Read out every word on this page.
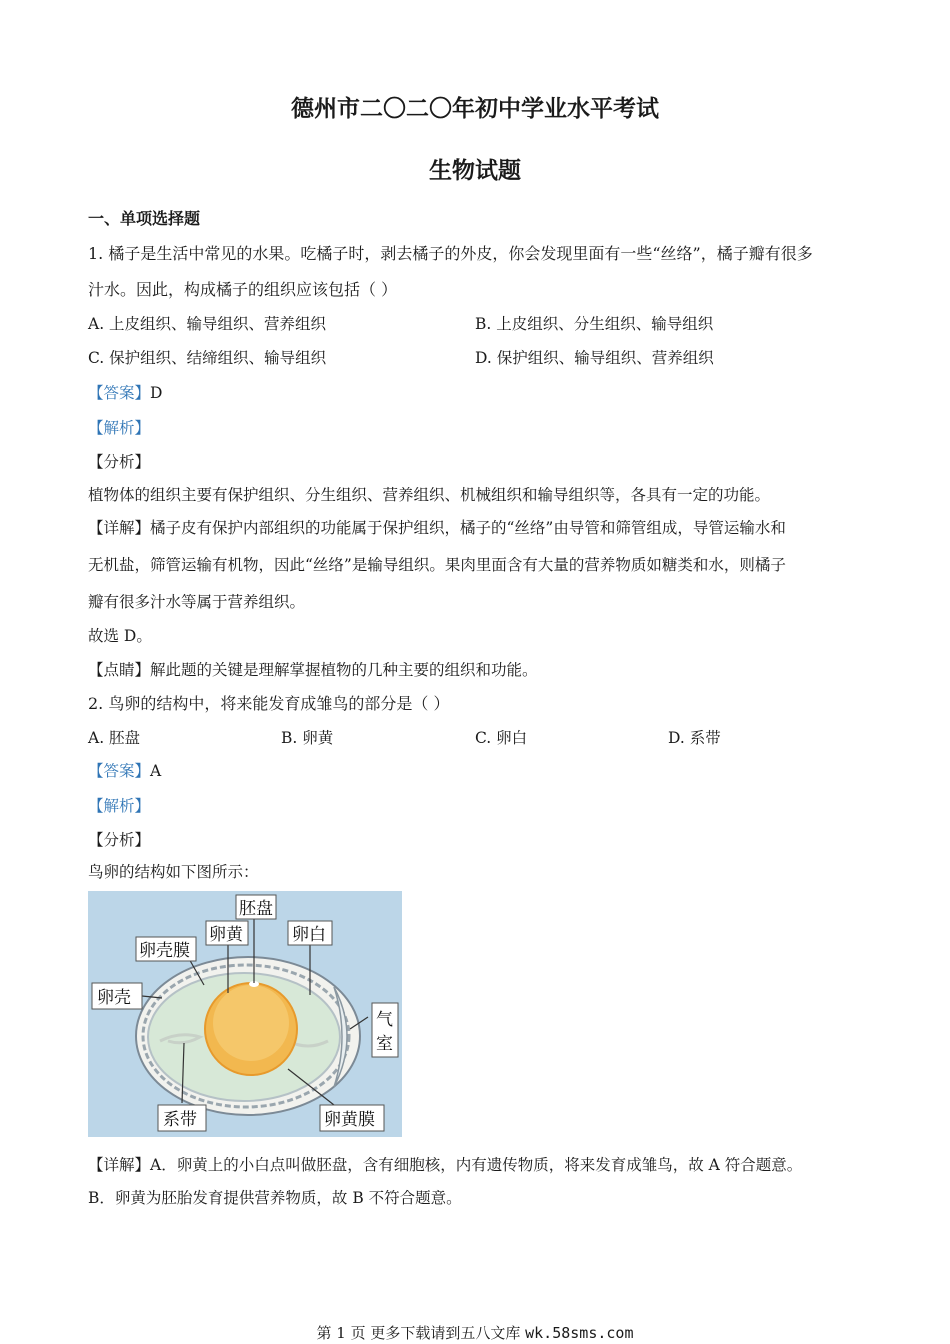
德州市二〇二〇年初中学业水平考试
生物试题
一、单项选择题
1. 橘子是生活中常见的水果。吃橘子时，剥去橘子的外皮，你会发现里面有一些“丝络”，橘子瓣有很多
汁水。因此，构成橘子的组织应该包括（ ）
A. 上皮组织、输导组织、营养组织	B. 上皮组织、分生组织、输导组织
C. 保护组织、结缔组织、输导组织	D. 保护组织、输导组织、营养组织
【答案】D
【解析】
【分析】
植物体的组织主要有保护组织、分生组织、营养组织、机械组织和输导组织等，各具有一定的功能。
【详解】橘子皮有保护内部组织的功能属于保护组织，橘子的“丝络”由导管和筛管组成，导管运输水和
无机盐，筛管运输有机物，因此“丝络”是输导组织。果肉里面含有大量的营养物质如糖类和水，则橘子
瓣有很多汁水等属于营养组织。
故选 D。
【点睛】解此题的关键是理解掌握植物的几种主要的组织和功能。
2. 鸟卵的结构中，将来能发育成雏鸟的部分是（ ）
A. 胚盘	B. 卵黄	C. 卵白	D. 系带
【答案】A
【解析】
【分析】
鸟卵的结构如下图所示：
胚盘
卵黄	卵白
卵壳膜
卵壳
气
室
系带	卵黄膜
【详解】A．卵黄上的小白点叫做胚盘，含有细胞核，内有遗传物质，将来发育成雏鸟，故 A 符合题意。
B．卵黄为胚胎发育提供营养物质，故 B 不符合题意。
第 1 页 更多下载请到五八文库 wk.58sms.com
